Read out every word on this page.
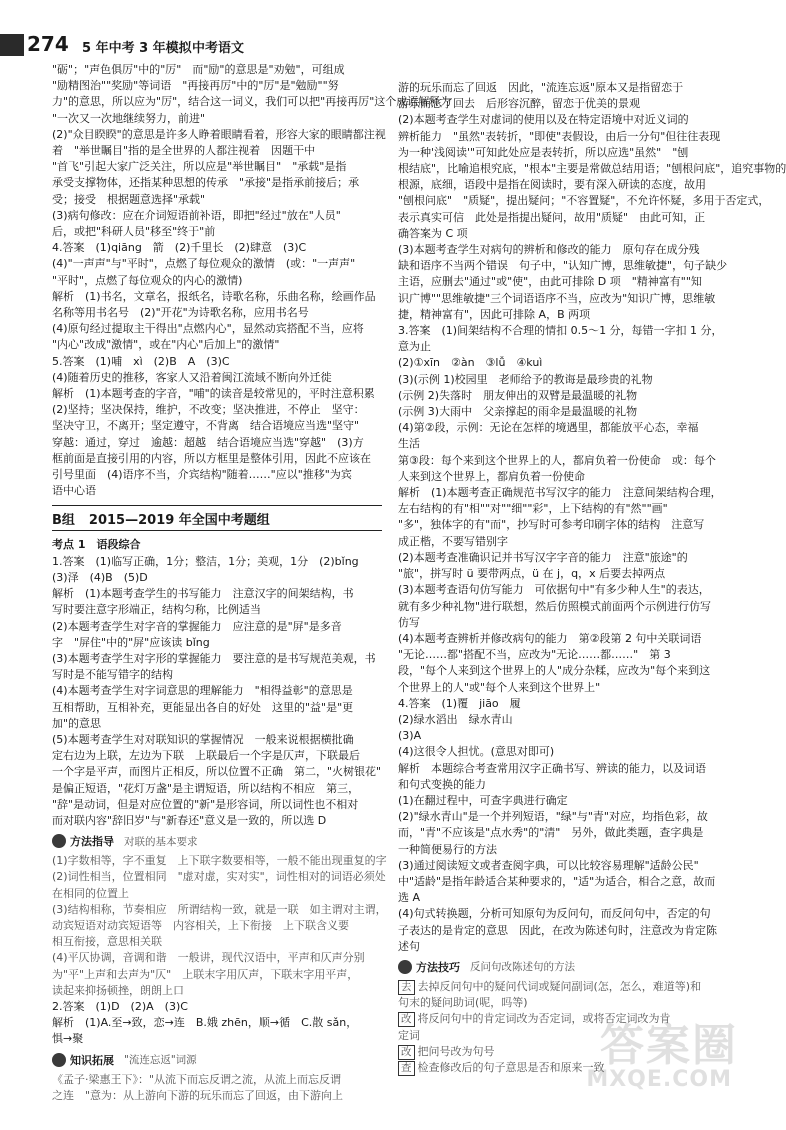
274 5 年中考 3 年模拟 中考语文
"砺"；"声色俱厉"中的"厉"　而"励"的意思是"劝勉"，可组成
"励精图治""奖励"等词语　"再接再厉"中的"厉"是"勉励""努
力"的意思，所以应为"厉"，结合这一词义，我们可以把"再接再厉"这个成语解释为
"一次又一次地继续努力，前进"
(2)"众目睽睽"的意思是许多人睁着眼睛看着，形容大家的眼睛都注视
着　"举世瞩目"指的是全世界的人都注视着　因题干中
"首飞"引起大家广泛关注，所以应是"举世瞩目"　"承载"是指
承受支撑物体，还指某种思想的传承　"承接"是指承前接后；承
受；接受　根据题意选择"承载"
(3)病句修改：应在介词短语前补语，即把"经过"放在"人员"
后，或把"科研人员"移至"终于"前
4.答案　(1)qiāng　箭　(2)千里长　(2)肆意　(3)C
(4)"一声声"与"平时"，点燃了每位观众的激情　(或："一声声"
"平时"，点燃了每位观众的内心的激情)
解析　(1)书名，文章名，报纸名，诗歌名称，乐曲名称，绘画作品
名称等用书名号　(2)"开花"为诗歌名称，应用书名号
(4)原句经过提取主干得出"点燃内心"，显然动宾搭配不当，应将
"内心"改成"激情"，或在"内心"后加上"的激情"
5.答案　(1)哺　xì　(2)B　A　(3)C
(4)随着历史的推移，客家人又沿着闽江流域不断向外迁徙
解析　(1)本题考查的字音，"哺"的读音是较常见的，平时注意积累
(2)坚持；坚决保持，维护，不改变；坚决推进，不停止　坚守：
坚决守卫，不离开；坚定遵守，不背离　结合语境应当选"坚守"
穿越：通过，穿过　逾越：超越　结合语境应当选"穿越"　(3)方
框前面是直接引用的内容，所以方框里是整体引用，因此不应该在
引号里面　(4)语序不当，介宾结构"随着……"应以"推移"为宾
语中心语
B组 2015—2019 年全国中考题组
考点 1　语段综合
1.答案　(1)临写正确，1分；整洁，1分；美观，1分　(2)bǐng
(3)泽　(4)B　(5)D
解析　(1)本题考查学生的书写能力　注意汉字的间架结构，书
写时要注意字形端正，结构匀称，比例适当
(2)本题考查学生对字音的掌握能力　应注意的是"屏"是多音
字　"屏住"中的"屏"应该读 bǐng
(3)本题考查学生对字形的掌握能力　要注意的是书写规范美观，书
写时是不能写错字的结构
(4)本题考查学生对字词意思的理解能力　"相得益彰"的意思是
互相帮助，互相补充，更能显出各自的好处　这里的"益"是"更
加"的意思
(5)本题考查学生对对联知识的掌握情况　一般来说根据横批确
定右边为上联，左边为下联　上联最后一个字是仄声，下联最后
一个字是平声，而图片正相反，所以位置不正确　第二，"火树银花"
是偏正短语，"花灯万盏"是主谓短语，所以结构不相应　第三，
"辞"是动词，但是对应位置的"新"是形容词，所以词性也不相对
而对联内容"辞旧岁"与"新春还"意义是一致的，所以选 D
方法指导 对联的基本要求
(1)字数相等，字不重复　上下联字数要相等，一般不能出现重复的字
(2)词性相当，位置相同　"虚对虚，实对实"，词性相对的词语必须处
在相同的位置上
(3)结构相称，节奏相应　所谓结构一致，就是一联　如主谓对主谓，
动宾短语对动宾短语等　内容相关，上下衔接　上下联含义要
相互衔接，意思相关联
(4)平仄协调，音调和谐　一般讲，现代汉语中，平声和仄声分别
为"平"上声和去声为"仄"　上联末字用仄声，下联末字用平声，
读起来抑扬顿挫，朗朗上口
2.答案　(1)D　(2)A　(3)C
解析　(1)A.至→致，恋→连　B.娥 zhēn，顺→循　C.散 sǎn，
惧→聚
知识拓展 "流连忘返"词源
《孟子·梁惠王下》："从流下而忘反谓之流，从流上而忘反谓
之连　"意为：从上游向下游的玩乐而忘了回返，由下游向上
游的玩乐而忘了回返　因此，"流连忘返"原本又是指留恋于
游乐而忘了回去　后形容沉醉，留恋于优美的景观
(2)本题考查学生对虚词的使用以及在特定语境中对近义词的
辨析能力　"虽然"表转折，"即使"表假设，由后一分句"但往往表现
为一种'浅阅读'"可知此处应是表转折，所以应选"虽然"　"刨
根结底"，比喻追根究底，"根本"主要是常做总结用语；"刨根问底"，追究事物的
根源，底细，语段中是指在阅读时，要有深入研读的态度，故用
"刨根问底"　"质疑"，提出疑问；"不容置疑"，不允许怀疑，多用于否定式，
表示真实可信　此处是指提出疑问，故用"质疑"　由此可知，正
确答案为 C 项
(3)本题考查学生对病句的辨析和修改的能力　原句存在成分残
缺和语序不当两个错误　句子中，"认知广博，思维敏捷"，句子缺少
主语，应删去"通过"或"使"，由此可排除 D 项　"精神富有""知
识广博""思维敏捷"三个词语语序不当，应改为"知识广博，思维敏
捷，精神富有"，因此可排除 A，B 两项
3.答案　(1)间架结构不合理的情扣 0.5～1 分，每错一字扣 1 分，
意为止
(2)①xīn　②àn　③lǚ　④kuì
(3)(示例 1)校园里　老师给予的教诲是最珍贵的礼物
(示例 2)失落时　朋友伸出的双臂是最温暖的礼物
(示例 3)大雨中　父亲撑起的雨伞是最温暖的礼物
(4)第②段，示例：无论在怎样的境遇里，都能放平心态，幸福
生活
第③段：每个来到这个世界上的人，都肩负着一份使命　或：每个
人来到这个世界上，都肩负着一份使命
解析　(1)本题考查正确规范书写汉字的能力　注意间架结构合理，
左右结构的有"相""对""细""彩"，上下结构的有"然""画"
"多"，独体字的有"而"，抄写时可参考印刷字体的结构　注意写
成正楷，不要写错别字
(2)本题考查准确识记并书写汉字字音的能力　注意"旅途"的
"旅"，拼写时 ü 要带两点，ü 在 j，q，x 后要去掉两点
(3)本题考查语句仿写能力　可依据句中"有多少种人生"的表达，
就有多少种礼物"进行联想，然后仿照模式前面两个示例进行仿写
仿写
(4)本题考查辨析并修改病句的能力　第②段第 2 句中关联词语
"无论……都"搭配不当，应改为"无论……都……"　第 3
段，"每个人来到这个世界上的人"成分杂糅，应改为"每个来到这
个世界上的人"或"每个人来到这个世界上"
4.答案　(1)覆　jiāo　履
(2)绿水滔出　绿水青山
(3)A
(4)这很令人担忧。(意思对即可)
解析　本题综合考查常用汉字正确书写、辨读的能力，以及词语
和句式变换的能力
(1)在翻过程中，可查字典进行确定
(2)"绿水青山"是一个并列短语，"绿"与"青"对应，均指色彩，故
而，"青"不应该是"点水秀"的"清"　另外，做此类题，查字典是
一种简便易行的方法
(3)通过阅读短文或者查阅字典，可以比较容易理解"适龄公民"
中"适龄"是指年龄适合某种要求的，"适"为适合，相合之意，故而
选 A
(4)句式转换题，分析可知原句为反问句，而反问句中，否定的句
子表达的是肯定的意思　因此，在改为陈述句时，注意改为肯定陈
述句
方法技巧 反问句改陈述句的方法
去 去掉反问句中的疑问代词或疑问副词(怎，怎么，难道等)和
句末的疑问助词(呢，吗等)
改 将反问句中的肯定词改为否定词，或将否定词改为肯
定词
改 把问号改为句号
查 检查修改后的句子意思是否和原来一致
答案圈
MXQE.COM
